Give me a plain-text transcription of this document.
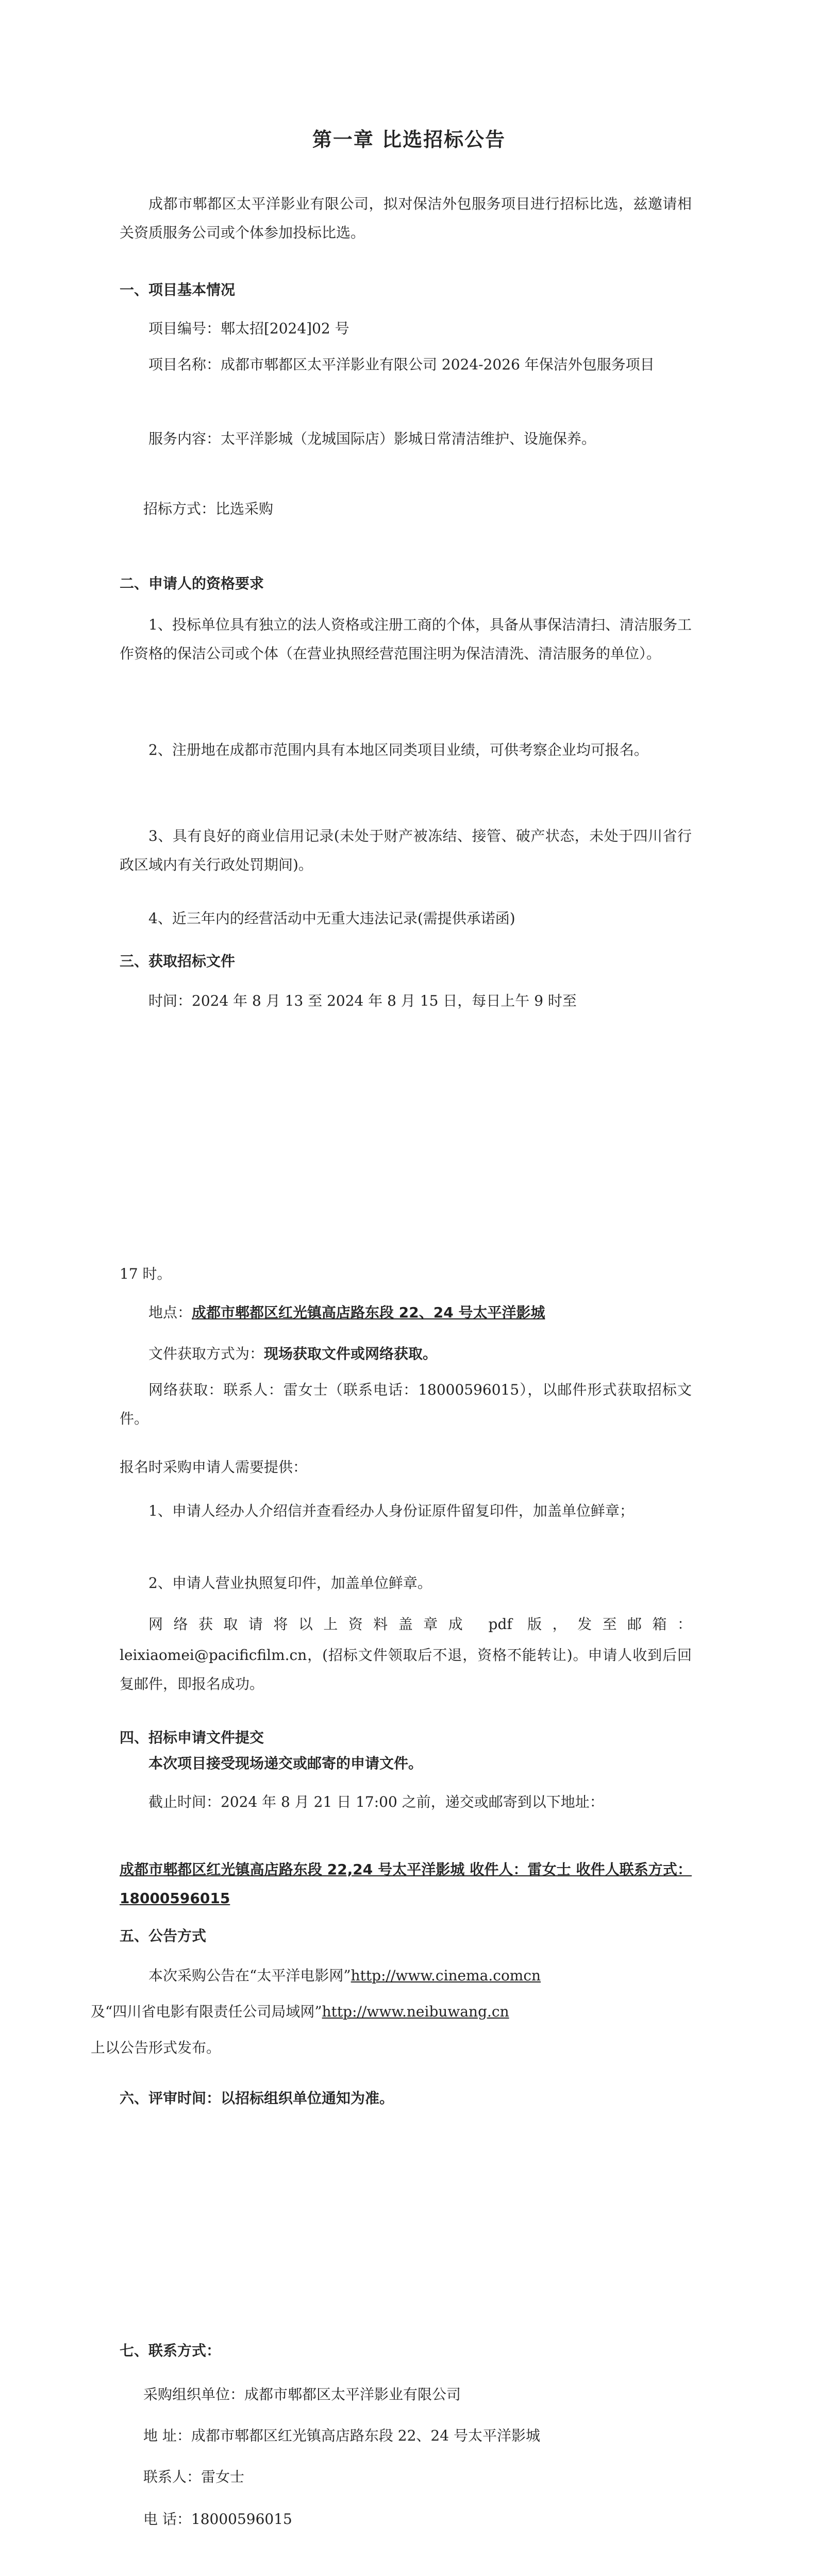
第一章 比选招标公告
成都市郫都区太平洋影业有限公司，拟对保洁外包服务项目进行招标比选，兹邀请相关资质服务公司或个体参加投标比选。
一、项目基本情况
项目编号：郫太招[2024]02 号
项目名称：成都市郫都区太平洋影业有限公司 2024-2026 年保洁外包服务项目
服务内容：太平洋影城（龙城国际店）影城日常清洁维护、设施保养。
招标方式：比选采购
二、申请人的资格要求
1、投标单位具有独立的法人资格或注册工商的个体，具备从事保洁清扫、清洁服务工作资格的保洁公司或个体（在营业执照经营范围注明为保洁清洗、清洁服务的单位）。
2、注册地在成都市范围内具有本地区同类项目业绩，可供考察企业均可报名。
3、具有良好的商业信用记录(未处于财产被冻结、接管、破产状态，未处于四川省行政区域内有关行政处罚期间)。
4、近三年内的经营活动中无重大违法记录(需提供承诺函)
三、获取招标文件
时间：2024 年 8 月 13 至 2024 年 8 月 15 日，每日上午 9 时至
17 时。
地点：成都市郫都区红光镇高店路东段 22、24 号太平洋影城
文件获取方式为：现场获取文件或网络获取。
网络获取：联系人：雷女士（联系电话：18000596015），以邮件形式获取招标文件。
报名时采购申请人需要提供：
1、申请人经办人介绍信并查看经办人身份证原件留复印件，加盖单位鲜章；
2、申请人营业执照复印件，加盖单位鲜章。
网络获取请将以上资料盖章成 pdf 版，发至邮箱：
leixiaomei@pacificfilm.cn，(招标文件领取后不退，资格不能转让)。申请人收到后回复邮件，即报名成功。
四、招标申请文件提交
本次项目接受现场递交或邮寄的申请文件。
截止时间：2024 年 8 月 21 日 17:00 之前，递交或邮寄到以下地址：
成都市郫都区红光镇高店路东段 22,24 号太平洋影城 收件人：雷女士 收件人联系方式：18000596015
五、公告方式
本次采购公告在“太平洋电影网”http://www.cinema.comcn
及“四川省电影有限责任公司局域网”http://www.neibuwang.cn
上以公告形式发布。
六、评审时间：以招标组织单位通知为准。
七、联系方式：
采购组织单位：成都市郫都区太平洋影业有限公司
地 址：成都市郫都区红光镇高店路东段 22、24 号太平洋影城
联系人：雷女士
电 话：18000596015
